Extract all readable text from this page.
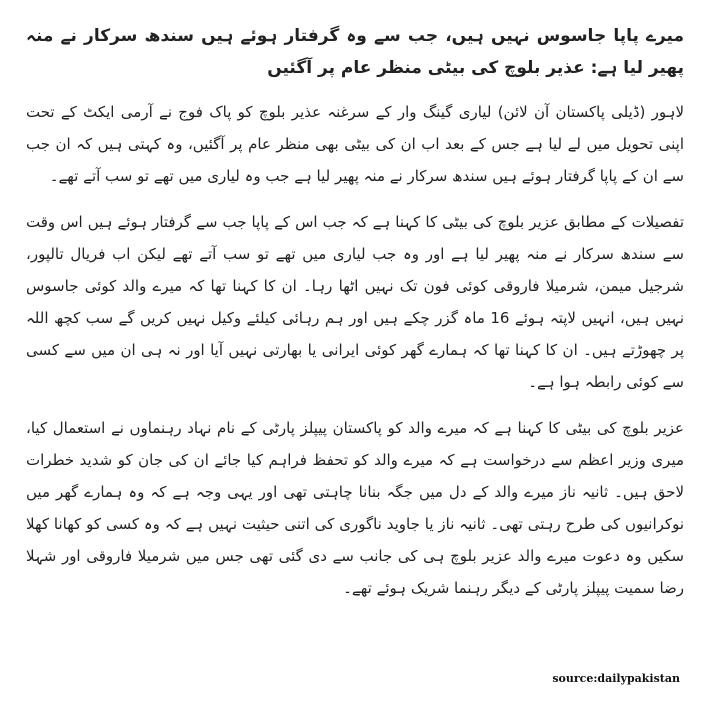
میرے پاپا جاسوس نہیں ہیں، جب سے وہ گرفتار ہوئے ہیں سندھ سرکار نے منہ پھیر لیا ہے: عذیر بلوچ کی بیٹی منظر عام پر آگئیں

لاہور (ڈیلی پاکستان آن لائن) لیاری گینگ وار کے سرغنہ عذیر بلوچ کو پاک فوج نے آرمی ایکٹ کے تحت اپنی تحویل میں لے لیا ہے جس کے بعد اب ان کی بیٹی بھی منظر عام پر آگئیں، وہ کہتی ہیں کہ ان جب سے ان کے پاپا گرفتار ہوئے ہیں سندھ سرکار نے منہ پھیر لیا ہے جب وہ لیاری میں تھے تو سب آتے تھے۔

تفصیلات کے مطابق عزیر بلوچ کی بیٹی کا کہنا ہے کہ جب اس کے پاپا جب سے گرفتار ہوئے ہیں اس وقت سے سندھ سرکار نے منہ پھیر لیا ہے اور وہ جب لیاری میں تھے تو سب آتے تھے لیکن اب فریال تالپور، شرجیل میمن، شرمیلا فاروقی کوئی فون تک نہیں اٹھا رہا۔ ان کا کہنا تھا کہ میرے والد کوئی جاسوس نہیں ہیں، انہیں لاپتہ ہوئے 16 ماہ گزر چکے ہیں اور ہم رہائی کیلئے وکیل نہیں کریں گے سب کچھ اللہ پر چھوڑتے ہیں۔ ان کا کہنا تھا کہ ہمارے گھر کوئی ایرانی یا بھارتی نہیں آیا اور نہ ہی ان میں سے کسی سے کوئی رابطہ ہوا ہے۔

عزیر بلوچ کی بیٹی کا کہنا ہے کہ میرے والد کو پاکستان پیپلز پارٹی کے نام نہاد رہنماوں نے استعمال کیا، میری وزیر اعظم سے درخواست ہے کہ میرے والد کو تحفظ فراہم کیا جائے ان کی جان کو شدید خطرات لاحق ہیں۔ ثانیہ ناز میرے والد کے دل میں جگہ بنانا چاہتی تھی اور یہی وجہ ہے کہ وہ ہمارے گھر میں نوکرانیوں کی طرح رہتی تھی۔ ثانیہ ناز یا جاوید ناگوری کی اتنی حیثیت نہیں ہے کہ وہ کسی کو کھانا کھلا سکیں وہ دعوت میرے والد عزیر بلوچ ہی کی جانب سے دی گئی تھی جس میں شرمیلا فاروقی اور شہلا رضا سمیت پیپلز پارٹی کے دیگر رہنما شریک ہوئے تھے۔

source:dailypakistan
